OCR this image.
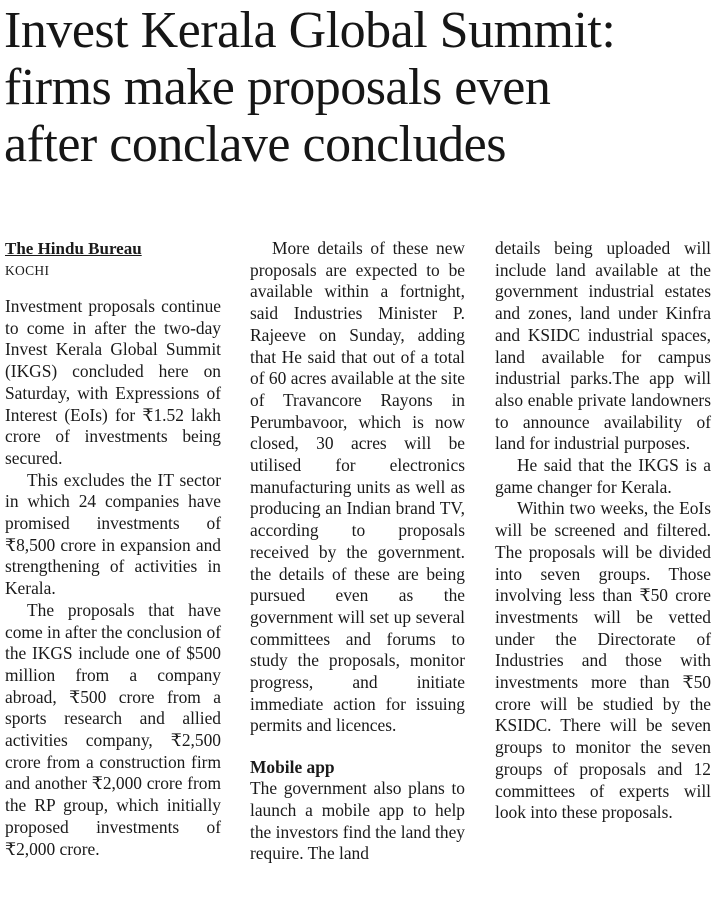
Invest Kerala Global Summit:
firms make proposals even
after conclave concludes

The Hindu Bureau

KOCHI

Investment proposals continue to come in after the two-day Invest Kerala Global Summit (IKGS) concluded here on Saturday, with Expressions of Interest (EoIs) for ₹1.52 lakh crore of investments being secured.

This excludes the IT sector in which 24 companies have promised investments of ₹8,500 crore in expansion and strengthening of activities in Kerala.

The proposals that have come in after the conclusion of the IKGS include one of $500 million from a company abroad, ₹500 crore from a sports research and allied activities company, ₹2,500 crore from a construction firm and another ₹2,000 crore from the RP group, which initially proposed investments of ₹2,000 crore.

More details of these new proposals are expected to be available within a fortnight, said Industries Minister P. Rajeeve on Sunday, adding that He said that out of a total of 60 acres available at the site of Travancore Rayons in Perumbavoor, which is now closed, 30 acres will be utilised for electronics manufacturing units as well as producing an Indian brand TV, according to proposals received by the government. the details of these are being pursued even as the government will set up several committees and forums to study the proposals, monitor progress, and initiate immediate action for issuing permits and licences.

Mobile app

The government also plans to launch a mobile app to help the investors find the land they require. The land

details being uploaded will include land available at the government industrial estates and zones, land under Kinfra and KSIDC industrial spaces, land available for campus industrial parks.The app will also enable private landowners to announce availability of land for industrial purposes.

He said that the IKGS is a game changer for Kerala.

Within two weeks, the EoIs will be screened and filtered. The proposals will be divided into seven groups. Those involving less than ₹50 crore investments will be vetted under the Directorate of Industries and those with investments more than ₹50 crore will be studied by the KSIDC. There will be seven groups to monitor the seven groups of proposals and 12 committees of experts will look into these proposals.
